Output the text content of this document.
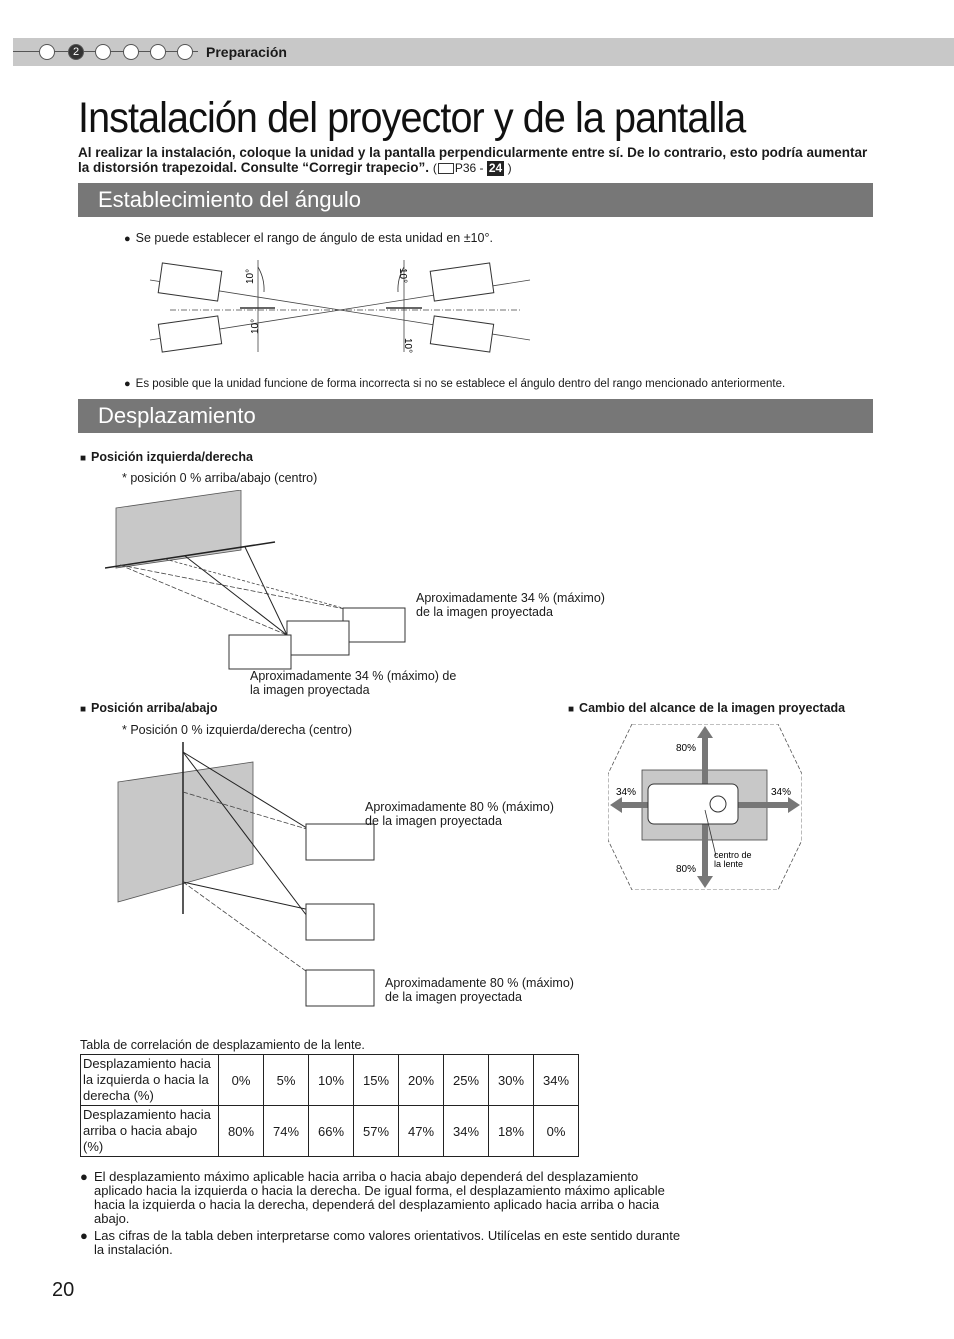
2	Preparación
Instalación del proyector y de la pantalla
Al realizar la instalación, coloque la unidad y la pantalla perpendicularmente entre sí. De lo contrario, esto podría aumentar la distorsión trapezoidal. Consulte “Corregir trapecio”. ( P36 - 24 )
Establecimiento del ángulo
● Se puede establecer el rango de ángulo de esta unidad en ±10°.
10°
10°
10°
10°
● Es posible que la unidad funcione de forma incorrecta si no se establece el ángulo dentro del rango mencionado anteriormente.
Desplazamiento
■ Posición izquierda/derecha
* posición 0 % arriba/abajo (centro)
Aproximadamente 34 % (máximo)
de la imagen proyectada
Aproximadamente 34 % (máximo) de
la imagen proyectada
■ Posición arriba/abajo
* Posición 0 % izquierda/derecha (centro)
Aproximadamente 80 % (máximo)
de la imagen proyectada
Aproximadamente 80 % (máximo)
de la imagen proyectada
■ Cambio del alcance de la imagen proyectada
80%
80%
34%	34%
centro de
la lente
Tabla de correlación de desplazamiento de la lente.
Desplazamiento hacia la izquierda o hacia la derecha (%)	0%	5%	10%	15%	20%	25%	30%	34%
Desplazamiento hacia arriba o hacia abajo (%)	80%	74%	66%	57%	47%	34%	18%	0%
● El desplazamiento máximo aplicable hacia arriba o hacia abajo dependerá del desplazamiento aplicado hacia la izquierda o hacia la derecha. De igual forma, el desplazamiento máximo aplicable hacia la izquierda o hacia la derecha, dependerá del desplazamiento aplicado hacia arriba o hacia abajo.
● Las cifras de la tabla deben interpretarse como valores orientativos. Utilícelas en este sentido durante la instalación.
20
